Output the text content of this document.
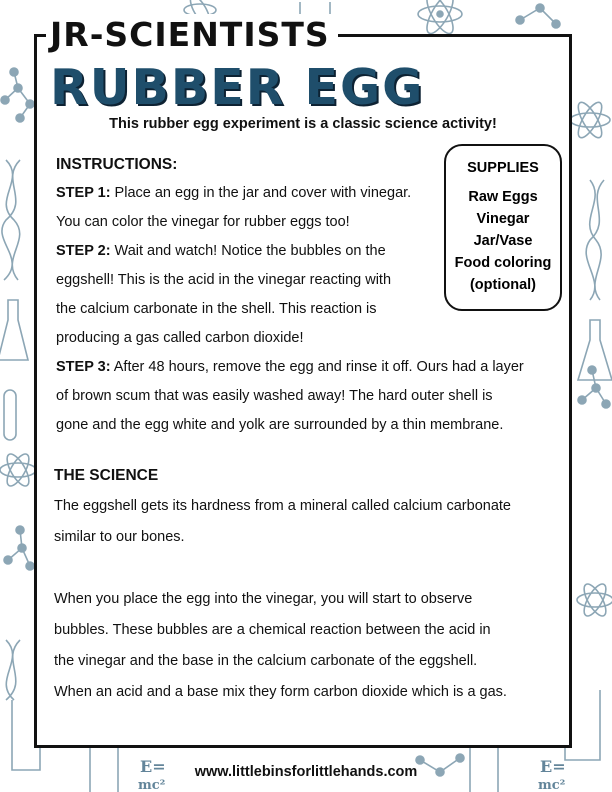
E=
mc²
E=
mc²
JR-SCIENTISTS
RUBBER EGG
This rubber egg experiment is a classic science activity!

INSTRUCTIONS:

STEP 1: Place an egg in the jar and cover with vinegar.

You can color the vinegar for rubber eggs too!

STEP 2: Wait and watch! Notice the bubbles on the

eggshell! This is the acid in the vinegar reacting with

the calcium carbonate in the shell. This reaction is

producing a gas called carbon dioxide!

STEP 3: After 48 hours, remove the egg and rinse it off. Ours had a layer

of brown scum that was easily washed away! The hard outer shell is

gone and the egg white and yolk are surrounded by a thin membrane.

SUPPLIES
Raw Eggs
Vinegar
Jar/Vase
Food coloring
(optional)

THE SCIENCE

The eggshell gets its hardness from a mineral called calcium carbonate

similar to our bones.

When you place the egg into the vinegar, you will start to observe

bubbles. These bubbles are a chemical reaction between the acid in

the vinegar and the base in the calcium carbonate of the eggshell.

When an acid and a base mix they form carbon dioxide which is a gas.

www.littlebinsforlittlehands.com
